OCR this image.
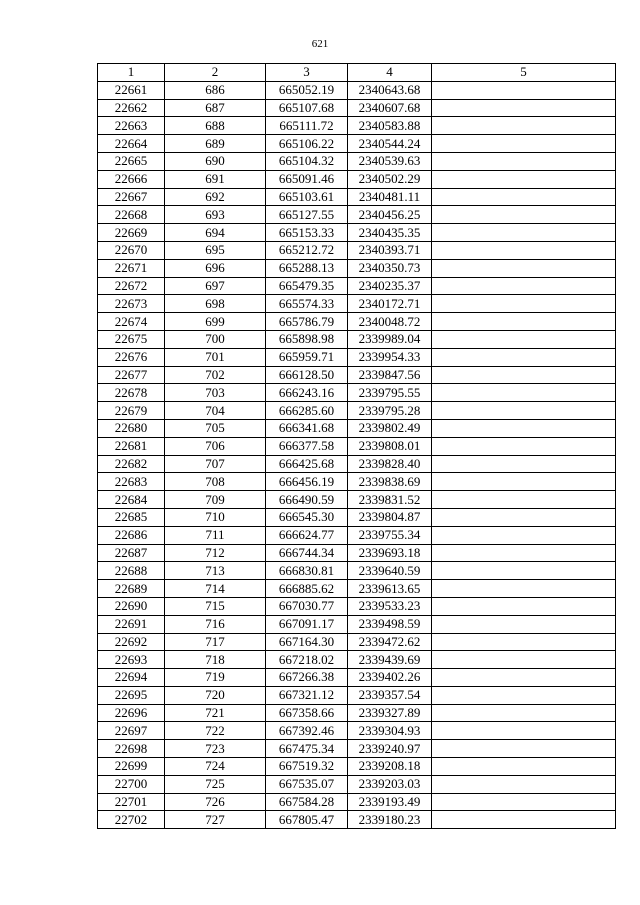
621
1	2	3	4	5
22661	686	665052.19	2340643.68	
22662	687	665107.68	2340607.68	
22663	688	665111.72	2340583.88	
22664	689	665106.22	2340544.24	
22665	690	665104.32	2340539.63	
22666	691	665091.46	2340502.29	
22667	692	665103.61	2340481.11	
22668	693	665127.55	2340456.25	
22669	694	665153.33	2340435.35	
22670	695	665212.72	2340393.71	
22671	696	665288.13	2340350.73	
22672	697	665479.35	2340235.37	
22673	698	665574.33	2340172.71	
22674	699	665786.79	2340048.72	
22675	700	665898.98	2339989.04	
22676	701	665959.71	2339954.33	
22677	702	666128.50	2339847.56	
22678	703	666243.16	2339795.55	
22679	704	666285.60	2339795.28	
22680	705	666341.68	2339802.49	
22681	706	666377.58	2339808.01	
22682	707	666425.68	2339828.40	
22683	708	666456.19	2339838.69	
22684	709	666490.59	2339831.52	
22685	710	666545.30	2339804.87	
22686	711	666624.77	2339755.34	
22687	712	666744.34	2339693.18	
22688	713	666830.81	2339640.59	
22689	714	666885.62	2339613.65	
22690	715	667030.77	2339533.23	
22691	716	667091.17	2339498.59	
22692	717	667164.30	2339472.62	
22693	718	667218.02	2339439.69	
22694	719	667266.38	2339402.26	
22695	720	667321.12	2339357.54	
22696	721	667358.66	2339327.89	
22697	722	667392.46	2339304.93	
22698	723	667475.34	2339240.97	
22699	724	667519.32	2339208.18	
22700	725	667535.07	2339203.03	
22701	726	667584.28	2339193.49	
22702	727	667805.47	2339180.23	
